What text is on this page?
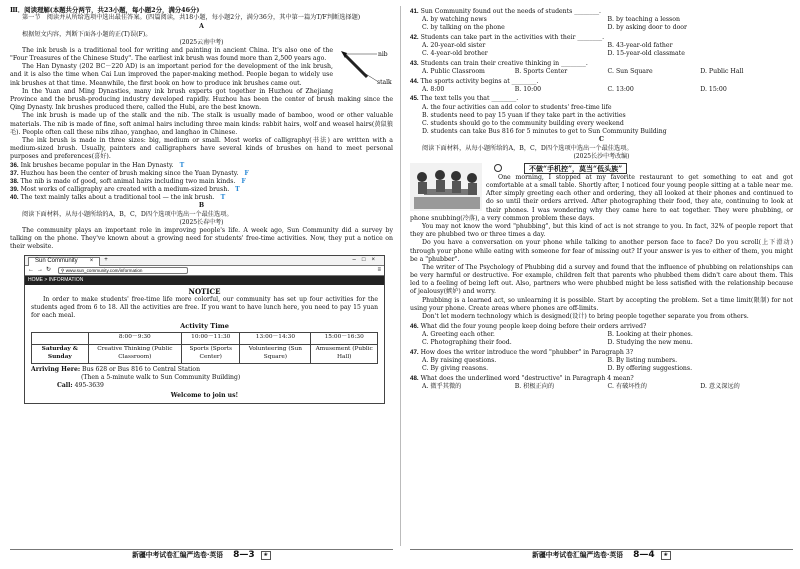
Ⅲ．阅读理解(本题共分两节，共23小题，每小题2分，满分46分)

第一节　阅读并从所给选项中选出最佳答案。(四篇阅读，共18小题，每小题2分，满分36分，其中第一篇为T/F判断选择题)

A

根据短文内容，判断下面各小题的正(T)误(F)。

(2025云南中考)

nib
stalk

The ink brush is a traditional tool for writing and painting in ancient China. It's also one of the "Four Treasures of the Chinese Study". The earliest ink brush was found more than 2,500 years ago.

The Han Dynasty (202 BC－220 AD) is an important period for the development of the ink brush, and it is also the time when Cai Lun improved the paper-making method. People began to widely use ink brushes at that time. Meanwhile, the first book on how to produce ink brushes came out.

In the Yuan and Ming Dynasties, many ink brush experts got together in Huzhou of Zhejiang Province and the brush-producing industry developed rapidly. Huzhou has been the center of brush making since the Qing Dynasty. Ink brushes produced there, called the Hubi, are the best known.

The ink brush is made up of the stalk and the nib. The stalk is usually made of bamboo, wood or other valuable materials. The nib is made of fine, soft animal hairs including three main kinds: rabbit hairs, wolf and weasel hairs(黄鼠狼毛). People often call these nibs zihao, yanghao, and langhao in Chinese.

The ink brush is made in three sizes: big, medium or small. Most works of calligraphy(书法) are written with a medium-sized brush. Usually, painters and calligraphers have several kinds of brushes on hand to meet personal purposes and preferences(喜好).

36. Ink brushes became popular in the Han Dynasty. T

37. Huzhou has been the center of brush making since the Yuan Dynasty. F

38. The nib is made of good, soft animal hairs including two main kinds. F

39. Most works of calligraphy are created with a medium-sized brush. T

40. The text mainly talks about a traditional tool — the ink brush. T

B

阅读下面材料，从每小题所给的A，B，C，D四个选项中选出一个最佳选项。

(2025长春中考)

The community plays an important role in improving people's life. A week ago, Sun Community did a survey by talking on the phone. They've known about a growing need for students' free-time activities. Now, they put a notice on their website.

Sun Community × +	–□×
←→↻ ⚲
www.sun_community.com/information	≡
HOME > INFORMATION

NOTICE

In order to make students' free-time life more colorful, our community has set up four activities for the students aged from 6 to 18. All the activities are free. If you want to have lunch here, you need to pay 15 yuan for each meal.

Activity Time

	8:00－9:30	10:00－11:30	13:00－14:30	15:00－16:30
Saturday & Sunday	Creative Thinking (Public Classroom)	Sports (Sports Center)	Volunteering (Sun Square)	Amusement (Public Hall)

Arriving Here: Bus 628 or Bus 816 to Central Station

(Then a 5-minute walk to Sun Community Building)

Call: 495-3639

Welcome to join us!

新疆中考试卷汇编严选卷·英语 8—3	❀

41. Sun Community found out the needs of students ________.

A. by watching news	B. by teaching a lesson
C. by talking on the phone	D. by asking door to door

42. Students can take part in the activities with their ________.

A. 20-year-old sister	B. 43-year-old father
C. 4-year-old brother	D. 15-year-old classmate

43. Students can train their creative thinking in ________.

A. Public Classroom	B. Sports Center	C. Sun Square	D. Public Hall

44. The sports activity begins at ________.

A. 8:00	B. 10:00	C. 13:00	D. 15:00

45. The text tells you that ________.

A. the four activities can add color to students' free-time life

B. students need to pay 15 yuan if they take part in the activities

C. students should go to the community building every weekend

D. students can take Bus 816 for 5 minutes to get to Sun Community Building

C

阅读下面材料，从每小题所给的A，B，C，D四个选项中选出一个最佳选项。

(2025长沙中考改编)

不做“手机控”，莫当“低头族”

One morning, I stopped at my favorite restaurant to get something to eat and got comfortable at a small table. Shortly after, I noticed four young people sitting at a table near me. After simply greeting each other and ordering, they all looked at their phones and continued to do so until their orders arrived. After photographing their food, they ate, continuing to look at their phones. I was wondering why they came here to eat together. They were phubbing, or phone snubbing(冷落), a very common problem these days.

You may not know the word "phubbing", but this kind of act is not strange to you. In fact, 32% of people report that they are phubbed two or three times a day.

Do you have a conversation on your phone while talking to another person face to face? Do you scroll(上下滑动) through your phone while eating with someone for fear of missing out? If your answer is yes to either of them, you might be a "phubber".

The writer of The Psychology of Phubbing did a survey and found that the influence of phubbing on relationships can be very harmful or destructive. For example, children felt that parents who phubbed them didn't care about them. This led to a feeling of being left out. Also, partners who were phubbed might be less satisfied with the relationship because of jealousy(嫉妒) and worry.

Phubbing is a learned act, so unlearning it is possible. Start by accepting the problem. Set a time limit(限制) for not using your phone. Create areas where phones are off-limits.

Don't let modern technology which is designed(设计) to bring people together separate you from others.

46. What did the four young people keep doing before their orders arrived?

A. Greeting each other.	B. Looking at their phones.
C. Photographing their food.	D. Studying the new menu.

47. How does the writer introduce the word "phubber" in Paragraph 3?

A. By raising questions.	B. By listing numbers.
C. By giving reasons.	D. By offering suggestions.

48. What does the underlined word "destructive" in Paragraph 4 mean?

A. 微乎其微的	B. 积极正向的	C. 有破坏性的	D. 意义深远的
新疆中考试卷汇编严选卷·英语 8—4	❀
